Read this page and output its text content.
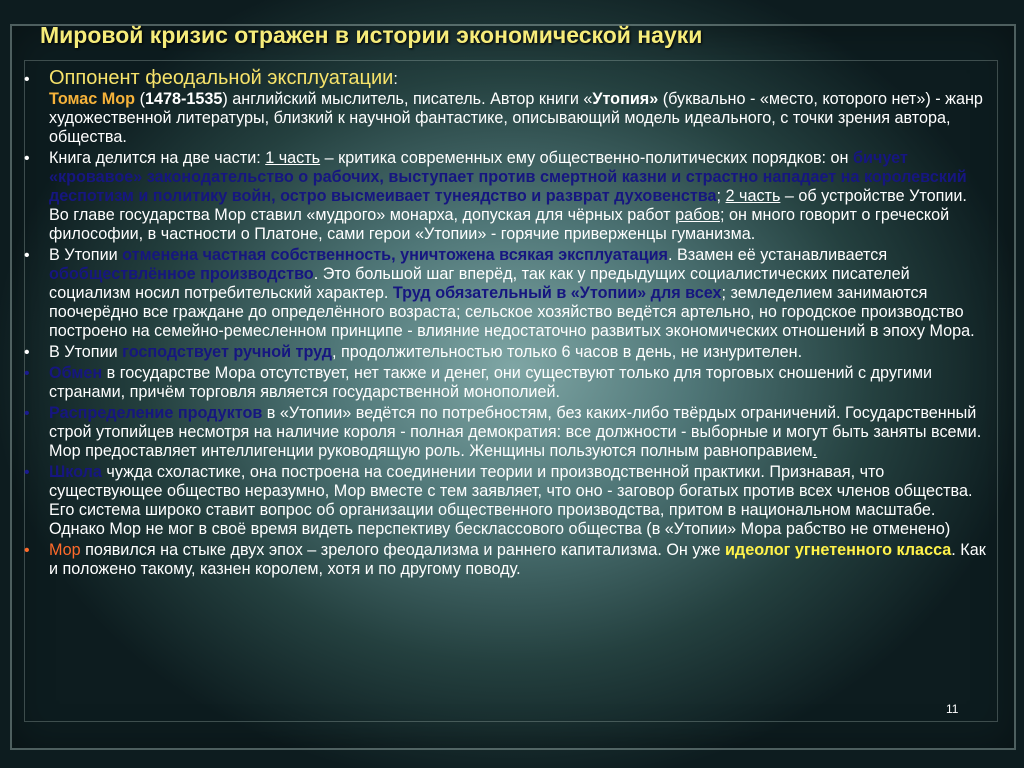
Мировой кризис отражен в истории экономической науки
• Оппонент феодальной эксплуатации:
Томас Мор (1478-1535) английский мыслитель, писатель. Автор книги «Утопия» (буквально - «место, которого нет») - жанр художественной литературы, близкий к научной фантастике, описывающий модель идеального, с точки зрения автора, общества.
• Книга делится на две части: 1 часть – критика современных ему общественно-политических порядков: он бичует «кровавое» законодательство о рабочих, выступает против смертной казни и страстно нападает на королевский деспотизм и политику войн, остро высмеивает тунеядство и разврат духовенства; 2 часть – об устройстве Утопии. Во главе государства Мор ставил «мудрого» монарха, допуская для чёрных работ рабов; он много говорит о греческой философии, в частности о Платоне, сами герои «Утопии» - горячие приверженцы гуманизма.
• В Утопии отменена частная собственность, уничтожена всякая эксплуатация. Взамен её устанавливается обобществлённое производство. Это большой шаг вперёд, так как у предыдущих социалистических писателей социализм носил потребительский характер. Труд обязательный в «Утопии» для всех; земледелием занимаются поочерёдно все граждане до определённого возраста; сельское хозяйство ведётся артельно, но городское производство построено на семейно-ремесленном принципе - влияние недостаточно развитых экономических отношений в эпоху Мора.
• В Утопии господствует ручной труд, продолжительностью только 6 часов в день, не изнурителен.
• Обмен в государстве Мора отсутствует, нет также и денег, они существуют только для торговых сношений с другими странами, причём торговля является государственной монополией.
• Распределение продуктов в «Утопии» ведётся по потребностям, без каких-либо твёрдых ограничений. Государственный строй утопийцев несмотря на наличие короля - полная демократия: все должности - выборные и могут быть заняты всеми. Мор предоставляет интеллигенции руководящую роль. Женщины пользуются полным равноправием.
• Школа чужда схоластике, она построена на соединении теории и производственной практики. Признавая, что существующее общество неразумно, Мор вместе с тем заявляет, что оно - заговор богатых против всех членов общества. Его система широко ставит вопрос об организации общественного производства, притом в национальном масштабе. Однако Мор не мог в своё время видеть перспективу бесклассового общества (в «Утопии» Мора рабство не отменено)
• Мор появился на стыке двух эпох – зрелого феодализма и раннего капитализма. Он уже идеолог угнетенного класса. Как и положено такому, казнен королем, хотя и по другому поводу.
11
